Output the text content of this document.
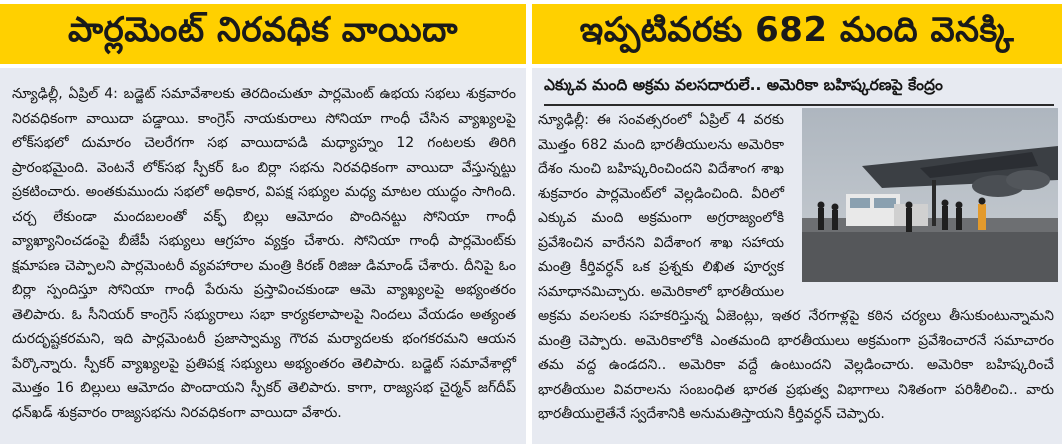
పార్లమెంట్ నిరవధిక వాయిదా

న్యూఢిల్లీ, ఏప్రిల్ 4: బడ్జెట్ సమావేశాలకు తెరదించుతూ పార్లమెంట్ ఉభయ సభలు శుక్రవారం నిరవధికంగా వాయిదా పడ్డాయి. కాంగ్రెస్ నాయకురాలు సోనియా గాంధీ చేసిన వ్యాఖ్యలపై లోక్‌సభలో దుమారం చెలరేగగా సభ వాయిదాపడి మధ్యాహ్నం 12 గంటలకు తిరిగి ప్రారంభమైంది. వెంటనే లోక్‌సభ స్పీకర్ ఓం బిర్లా సభను నిరవధికంగా వాయిదా వేస్తున్నట్టు ప్రకటించారు. అంతకుముందు సభలో అధికార, విపక్ష సభ్యుల మధ్య మాటల యుద్ధం సాగింది. చర్చ లేకుండా మందబలంతో వక్ఫ్ బిల్లు ఆమోదం పొందినట్టు సోనియా గాంధీ వ్యాఖ్యానించడంపై బీజేపీ సభ్యులు ఆగ్రహం వ్యక్తం చేశారు. సోనియా గాంధీ పార్లమెంట్‌కు క్షమాపణ చెప్పాలని పార్లమెంటరీ వ్యవహారాల మంత్రి కిరణ్ రిజిజు డిమాండ్ చేశారు. దీనిపై ఓం బిర్లా స్పందిస్తూ సోనియా గాంధీ పేరును ప్రస్తావించకుండా ఆమె వ్యాఖ్యలపై అభ్యంతరం తెలిపారు. ఓ సీనియర్ కాంగ్రెస్ సభ్యురాలు సభా కార్యకలాపాలపై నిందలు వేయడం అత్యంత దురదృష్టకరమని, ఇది పార్లమెంటరీ ప్రజాస్వామ్య గౌరవ మర్యాదలకు భంగకరమని ఆయన పేర్కొన్నారు. స్పీకర్ వ్యాఖ్యలపై ప్రతిపక్ష సభ్యులు అభ్యంతరం తెలిపారు. బడ్జెట్ సమావేశాల్లో మొత్తం 16 బిల్లులు ఆమోదం పొందాయని స్పీకర్ తెలిపారు. కాగా, రాజ్యసభ చైర్మన్ జగ్‌దీప్ ధన్‌ఖడ్ శుక్రవారం రాజ్యసభను నిరవధికంగా వాయిదా వేశారు.

ఇప్పటివరకు 682 మంది వెనక్కి
ఎక్కువ మంది అక్రమ వలసదారులే.. అమెరికా బహిష్కరణపై కేంద్రం
న్యూఢిల్లీ: ఈ సంవత్సరంలో ఏప్రిల్ 4 వరకు మొత్తం 682 మంది భారతీయులను అమెరికా దేశం నుంచి బహిష్కరించిందని విదేశాంగ శాఖ శుక్రవారం పార్లమెంట్‌లో వెల్లడించింది. వీరిలో ఎక్కువ మంది అక్రమంగా అగ్రరాజ్యంలోకి ప్రవేశించిన వారేనని విదేశాంగ శాఖ సహాయ మంత్రి కీర్తివర్ధన్ ఒక ప్రశ్నకు లిఖిత పూర్వక సమాధానమిచ్చారు. అమెరికాలో భారతీయుల అక్రమ వలసలకు సహకరిస్తున్న ఏజెంట్లు, ఇతర నేరగాళ్లపై కఠిన చర్యలు తీసుకుంటున్నామని మంత్రి చెప్పారు. అమెరికాలోకి ఎంతమంది భారతీయులు అక్రమంగా ప్రవేశించారనే సమాచారం తమ వద్ద ఉండదని.. అమెరికా వద్దే ఉంటుందని వెల్లడించారు. అమెరికా బహిష్కరించే భారతీయుల వివరాలను సంబంధిత భారత ప్రభుత్వ విభాగాలు నిశితంగా పరిశీలించి.. వారు భారతీయులైతేనే స్వదేశానికి అనుమతిస్తాయని కీర్తివర్ధన్ చెప్పారు.
